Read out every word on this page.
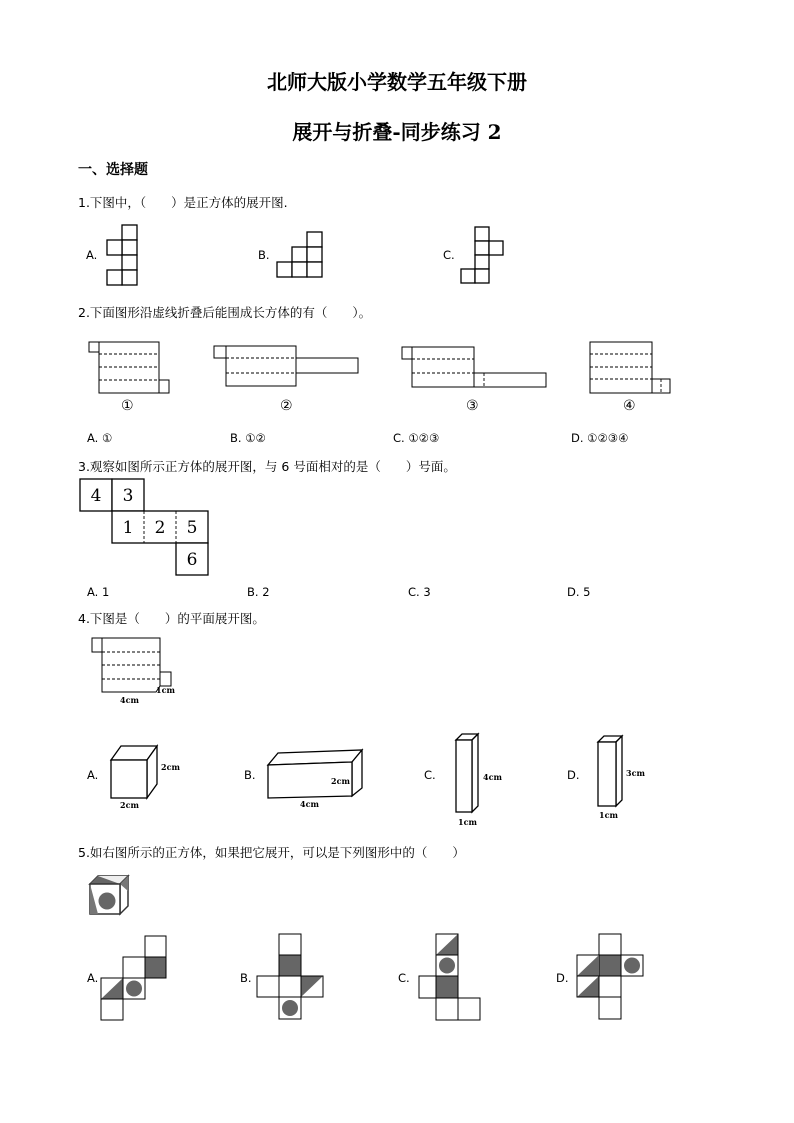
北师大版小学数学五年级下册
展开与折叠-同步练习 2
一、选择题
1.下图中，（　　）是正方体的展开图.
A.	B.	C.
2.下面图形沿虚线折叠后能围成长方体的有（　　）。
①	②	③	④
A. ①	B. ①②	C. ①②③	D. ①②③④
3.观察如图所示正方体的展开图，与 6 号面相对的是（　　）号面。
4 3
1 2 5
6
A. 1	B. 2	C. 3	D. 5
4.下图是（　　）的平面展开图。
1cm
4cm
A.	B.	C.	D.
2cm
2cm
2cm
4cm
4cm
1cm
3cm
1cm
5.如右图所示的正方体，如果把它展开，可以是下列图形中的（　　）
A.	B.	C.	D.
